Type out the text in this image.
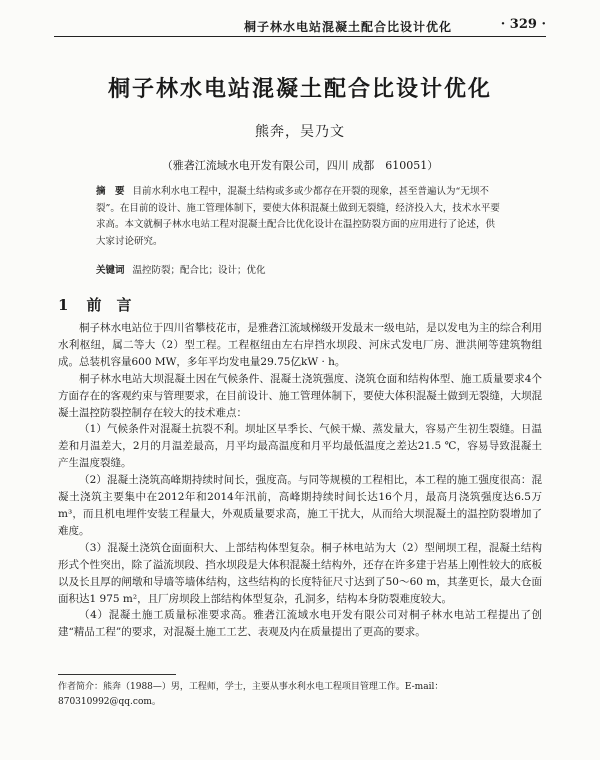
桐子林水电站混凝土配合比设计优化	· 329 ·
桐子林水电站混凝土配合比设计优化
熊奔，吴乃文
（雅砻江流域水电开发有限公司，四川 成都　610051）
摘　要 目前水利水电工程中，混凝土结构或多或少都存在开裂的现象，甚至普遍认为“无坝不裂”。在目前的设计、施工管理体制下，要使大体积混凝土做到无裂缝，经济投入大，技术水平要求高。本文就桐子林水电站工程对混凝土配合比优化设计在温控防裂方面的应用进行了论述，供大家讨论研究。
关键词 温控防裂；配合比；设计；优化
1 前　言

桐子林水电站位于四川省攀枝花市，是雅砻江流域梯级开发最末一级电站，是以发电为主的综合利用水利枢纽，属二等大（2）型工程。工程枢纽由左右岸挡水坝段、河床式发电厂房、泄洪闸等建筑物组成。总装机容量600 MW，多年平均发电量29.75亿kW · h。

桐子林水电站大坝混凝土因在气候条件、混凝土浇筑强度、浇筑仓面和结构体型、施工质量要求4个方面存在的客观约束与管理要求，在目前设计、施工管理体制下，要使大体积混凝土做到无裂缝，大坝混凝土温控防裂控制存在较大的技术难点：

（1）气候条件对混凝土抗裂不利。坝址区旱季长、气候干燥、蒸发量大，容易产生初生裂缝。日温差和月温差大，2月的月温差最高，月平均最高温度和月平均最低温度之差达21.5 ℃，容易导致混凝土产生温度裂缝。

（2）混凝土浇筑高峰期持续时间长，强度高。与同等规模的工程相比，本工程的施工强度很高：混凝土浇筑主要集中在2012年和2014年汛前，高峰期持续时间长达16个月，最高月浇筑强度达6.5万m³，而且机电埋件安装工程量大，外观质量要求高，施工干扰大，从而给大坝混凝土的温控防裂增加了难度。

（3）混凝土浇筑仓面面积大、上部结构体型复杂。桐子林电站为大（2）型闸坝工程，混凝土结构形式个性突出，除了溢流坝段、挡水坝段是大体积混凝土结构外，还存在许多建于岩基上刚性较大的底板以及长且厚的闸墩和导墙等墙体结构，这些结构的长度特征尺寸达到了50～60 m，其垄更长，最大仓面面积达1 975 m²，且厂房坝段上部结构体型复杂，孔洞多，结构本身防裂难度较大。

（4）混凝土施工质量标准要求高。雅砻江流域水电开发有限公司对桐子林水电站工程提出了创建“精品工程”的要求，对混凝土施工工艺、表观及内在质量提出了更高的要求。

作者简介：熊奔（1988—）男，工程师，学士，主要从事水利水电工程项目管理工作。E-mail：870310992@qq.com。
